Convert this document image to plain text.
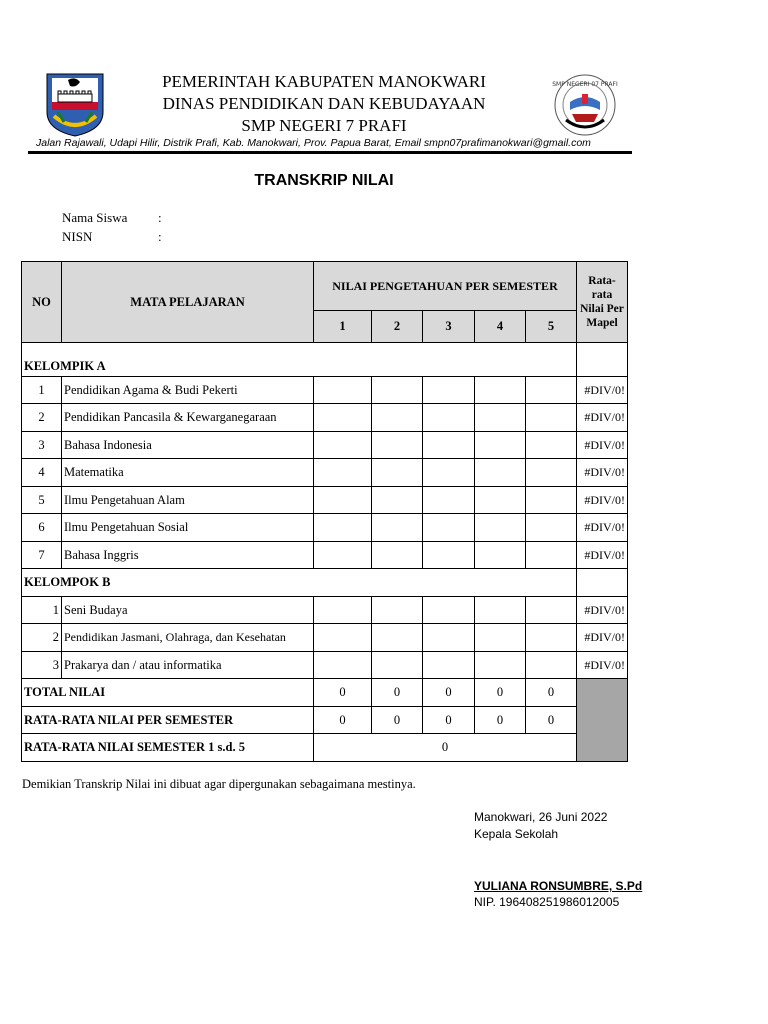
PEMERINTAH KABUPATEN MANOKWARI
DINAS PENDIDIKAN DAN KEBUDAYAAN
SMP NEGERI 7 PRAFI
SMP NEGERI 07 PRAFI
Jalan Rajawali, Udapi Hilir, Distrik Prafi, Kab. Manokwari, Prov. Papua Barat, Email smpn07prafimanokwari@gmail.com
TRANSKRIP NILAI
Nama Siswa :
NISN	:
NO	MATA PELAJARAN	NILAI PENGETAHUAN PER SEMESTER					Rata-rata Nilai Per Mapel
		1	2	3	4	5	
KELOMPIK A							
1	Pendidikan Agama & Budi Pekerti						#DIV/0!
2	Pendidikan Pancasila & Kewarganegaraan						#DIV/0!
3	Bahasa Indonesia						#DIV/0!
4	Matematika						#DIV/0!
5	Ilmu Pengetahuan Alam						#DIV/0!
6	Ilmu Pengetahuan Sosial						#DIV/0!
7	Bahasa Inggris						#DIV/0!
KELOMPOK B							
1	Seni Budaya						#DIV/0!
2	Pendidikan Jasmani, Olahraga, dan Kesehatan						#DIV/0!
3	Prakarya dan / atau informatika						#DIV/0!
TOTAL NILAI		0	0	0	0	0	
RATA-RATA NILAI PER SEMESTER		0	0	0	0	0	
RATA-RATA NILAI SEMESTER 1 s.d. 5		0					
Demikian Transkrip Nilai ini dibuat agar dipergunakan sebagaimana mestinya.
Manokwari, 26 Juni 2022
Kepala Sekolah
YULIANA RONSUMBRE, S.Pd
NIP. 196408251986012005
